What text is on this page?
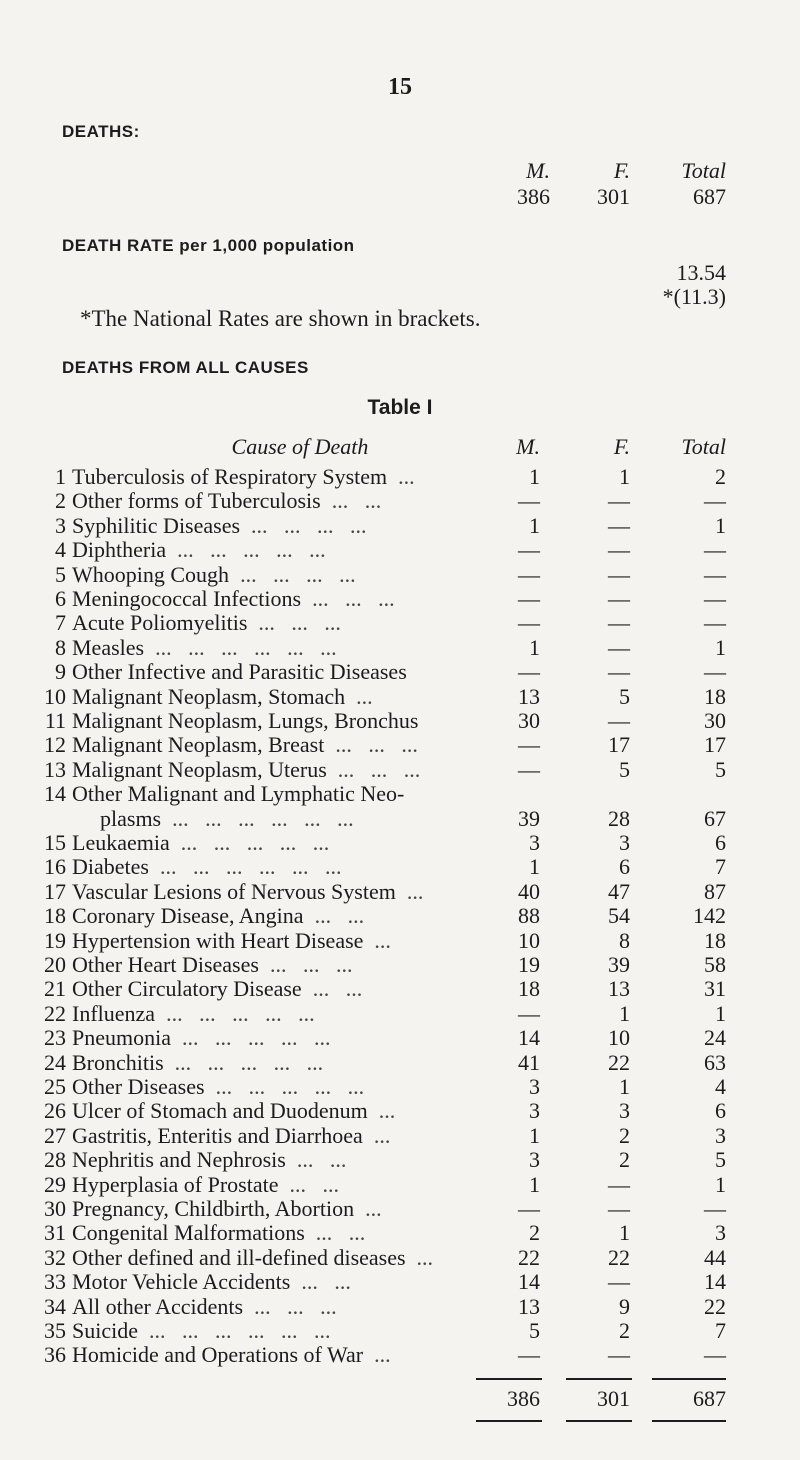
15
DEATHS:
M.	F.	Total
386	301	687
DEATH RATE per 1,000 population
13.54
*(11.3)
*The National Rates are shown in brackets.
DEATHS FROM ALL CAUSES
Table I
Cause of Death	M.	F.	Total
1 Tuberculosis of Respiratory System ...	1	1	2
2 Other forms of Tuberculosis ...   ...	—	—	—
3 Syphilitic Diseases ...   ...   ...   ...	1	—	1
4 Diphtheria ...   ...   ...   ...   ...	—	—	—
5 Whooping Cough ...   ...   ...   ...	—	—	—
6 Meningococcal Infections ...   ...   ...	—	—	—
7 Acute Poliomyelitis ...   ...   ...	—	—	—
8 Measles ...   ...   ...   ...   ...   ...	1	—	1
9 Other Infective and Parasitic Diseases	—	—	—
10 Malignant Neoplasm, Stomach ...	13	5	18
11 Malignant Neoplasm, Lungs, Bronchus	30	—	30
12 Malignant Neoplasm, Breast ...   ...   ...	—	17	17
13 Malignant Neoplasm, Uterus ...   ...   ...	—	5	5
14 Other Malignant and Lymphatic Neo-
plasms ...   ...   ...   ...   ...   ...	39	28	67
15 Leukaemia ...   ...   ...   ...   ...	3	3	6
16 Diabetes ...   ...   ...   ...   ...   ...	1	6	7
17 Vascular Lesions of Nervous System ...	40	47	87
18 Coronary Disease, Angina ...   ...	88	54	142
19 Hypertension with Heart Disease ...	10	8	18
20 Other Heart Diseases ...   ...   ...	19	39	58
21 Other Circulatory Disease ...   ...	18	13	31
22 Influenza ...   ...   ...   ...   ...	—	1	1
23 Pneumonia ...   ...   ...   ...   ...	14	10	24
24 Bronchitis ...   ...   ...   ...   ...	41	22	63
25 Other Diseases ...   ...   ...   ...   ...	3	1	4
26 Ulcer of Stomach and Duodenum ...	3	3	6
27 Gastritis, Enteritis and Diarrhoea ...	1	2	3
28 Nephritis and Nephrosis ...   ...	3	2	5
29 Hyperplasia of Prostate ...   ...	1	—	1
30 Pregnancy, Childbirth, Abortion ...	—	—	—
31 Congenital Malformations ...   ...	2	1	3
32 Other defined and ill-defined diseases ...	22	22	44
33 Motor Vehicle Accidents ...   ...	14	—	14
34 All other Accidents ...   ...   ...	13	9	22
35 Suicide ...   ...   ...   ...   ...   ...	5	2	7
36 Homicide and Operations of War ...	—	—	—
386	301	687
